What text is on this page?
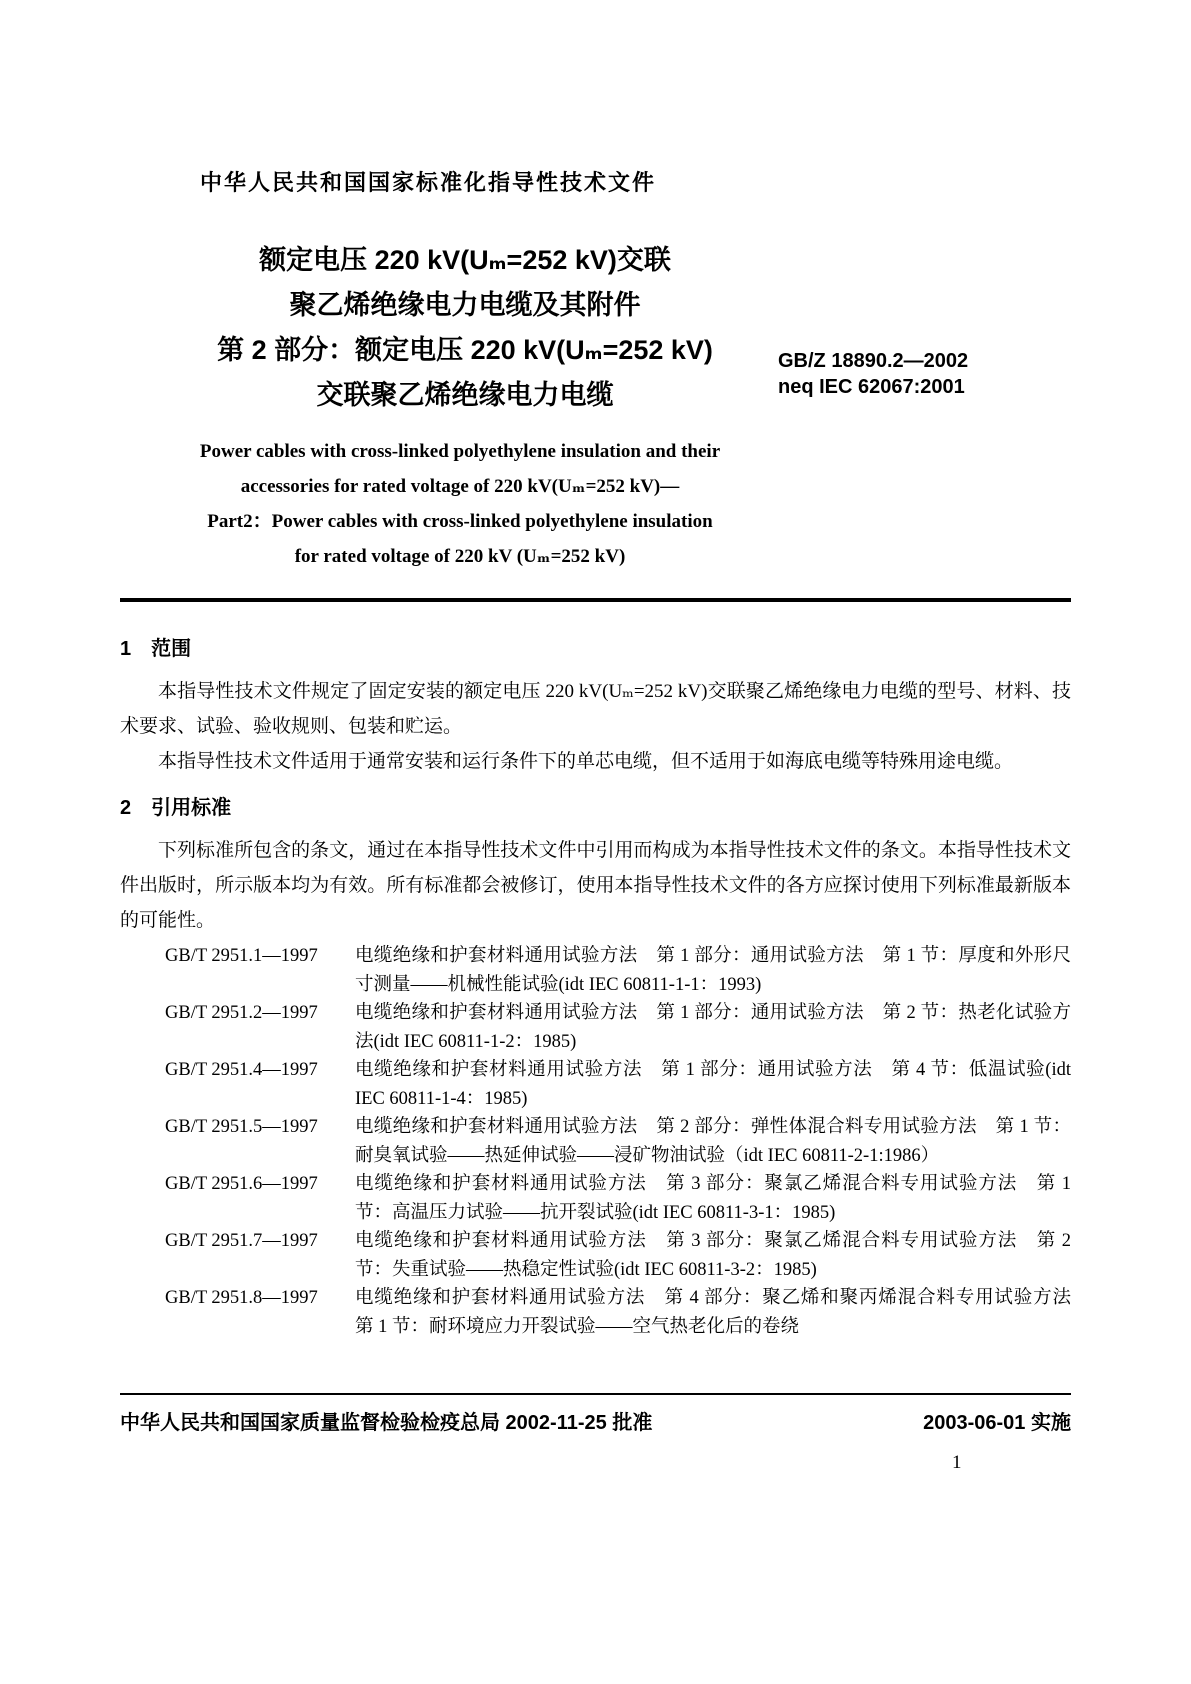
中华人民共和国国家标准化指导性技术文件
额定电压 220 kV(Uₘ=252 kV)交联
聚乙烯绝缘电力电缆及其附件
第 2 部分：额定电压 220 kV(Uₘ=252 kV)
交联聚乙烯绝缘电力电缆
GB/Z 18890.2—2002
neq IEC 62067:2001
Power cables with cross-linked polyethylene insulation and their
accessories for rated voltage of 220 kV(Uₘ=252 kV)—
Part2：Power cables with cross-linked polyethylene insulation
for rated voltage of 220 kV (Uₘ=252 kV)
1　范围

本指导性技术文件规定了固定安装的额定电压 220 kV(Uₘ=252 kV)交联聚乙烯绝缘电力电缆的型号、材料、技术要求、试验、验收规则、包装和贮运。

本指导性技术文件适用于通常安装和运行条件下的单芯电缆，但不适用于如海底电缆等特殊用途电缆。

2　引用标准

下列标准所包含的条文，通过在本指导性技术文件中引用而构成为本指导性技术文件的条文。本指导性技术文件出版时，所示版本均为有效。所有标准都会被修订，使用本指导性技术文件的各方应探讨使用下列标准最新版本的可能性。

GB/T 2951.1—1997	电缆绝缘和护套材料通用试验方法　第 1 部分：通用试验方法　第 1 节：厚度和外形尺寸测量——机械性能试验(idt IEC 60811-1-1：1993)
GB/T 2951.2—1997	电缆绝缘和护套材料通用试验方法　第 1 部分：通用试验方法　第 2 节：热老化试验方法(idt IEC 60811-1-2：1985)
GB/T 2951.4—1997	电缆绝缘和护套材料通用试验方法　第 1 部分：通用试验方法　第 4 节：低温试验(idt IEC 60811-1-4：1985)
GB/T 2951.5—1997	电缆绝缘和护套材料通用试验方法　第 2 部分：弹性体混合料专用试验方法　第 1 节：耐臭氧试验——热延伸试验——浸矿物油试验（idt IEC 60811-2-1:1986）
GB/T 2951.6—1997	电缆绝缘和护套材料通用试验方法　第 3 部分：聚氯乙烯混合料专用试验方法　第 1 节：高温压力试验——抗开裂试验(idt IEC 60811-3-1：1985)
GB/T 2951.7—1997	电缆绝缘和护套材料通用试验方法　第 3 部分：聚氯乙烯混合料专用试验方法　第 2 节：失重试验——热稳定性试验(idt IEC 60811-3-2：1985)
GB/T 2951.8—1997	电缆绝缘和护套材料通用试验方法　第 4 部分：聚乙烯和聚丙烯混合料专用试验方法　第 1 节：耐环境应力开裂试验——空气热老化后的卷绕
中华人民共和国国家质量监督检验检疫总局 2002-11-25 批准	2003-06-01 实施
1
